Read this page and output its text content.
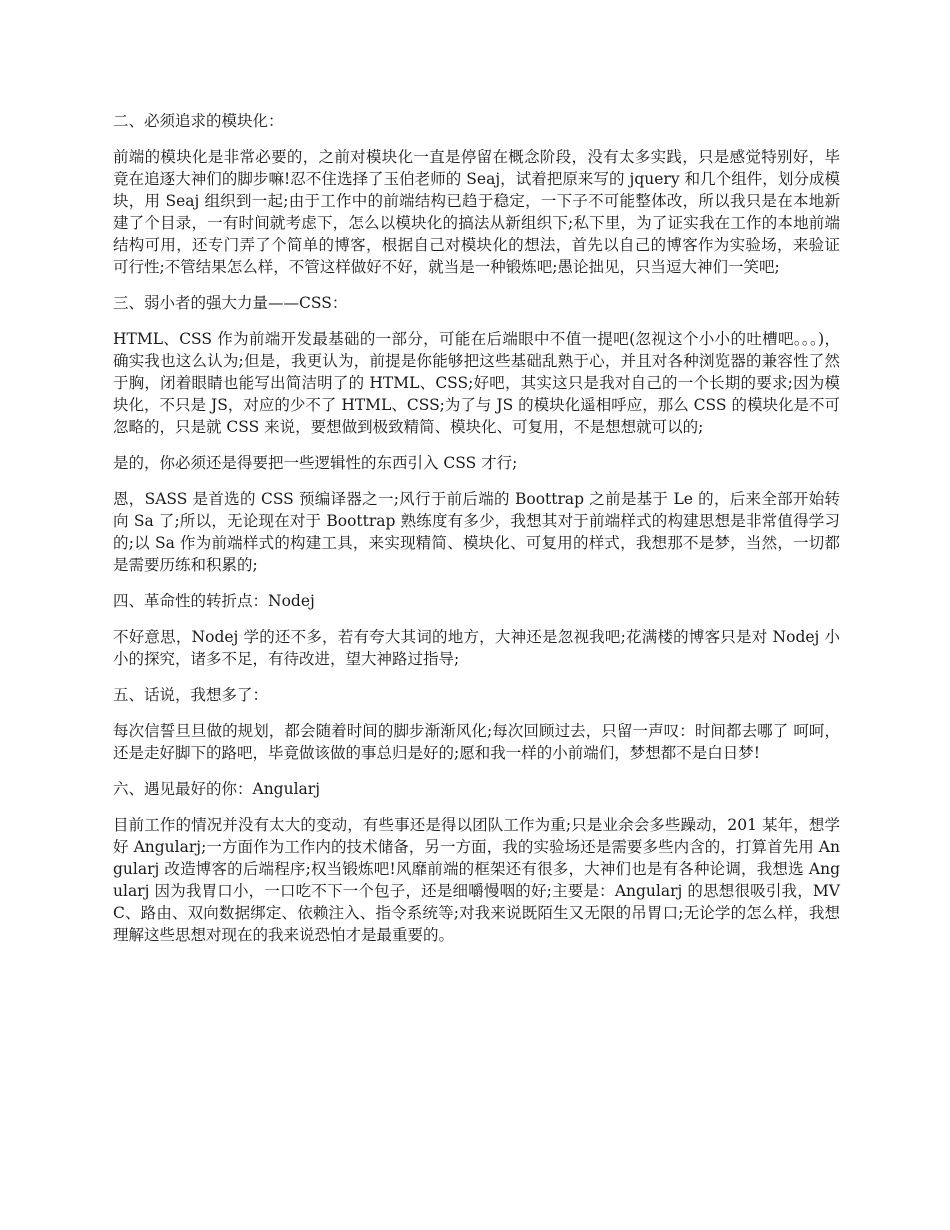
二、必须追求的模块化：
前端的模块化是非常必要的，之前对模块化一直是停留在概念阶段，没有太多实践，只是感觉特别好，毕竟在追逐大神们的脚步嘛!忍不住选择了玉伯老师的 Seaj，试着把原来写的 jquery 和几个组件，划分成模块，用 Seaj 组织到一起;由于工作中的前端结构已趋于稳定，一下子不可能整体改，所以我只是在本地新建了个目录，一有时间就考虑下，怎么以模块化的搞法从新组织下;私下里，为了证实我在工作的本地前端结构可用，还专门弄了个简单的博客，根据自己对模块化的想法，首先以自己的博客作为实验场，来验证可行性;不管结果怎么样，不管这样做好不好，就当是一种锻炼吧;愚论拙见，只当逗大神们一笑吧;
三、弱小者的强大力量——CSS：
HTML、CSS 作为前端开发最基础的一部分，可能在后端眼中不值一提吧(忽视这个小小的吐槽吧。。。)，确实我也这么认为;但是，我更认为，前提是你能够把这些基础乱熟于心，并且对各种浏览器的兼容性了然于胸，闭着眼睛也能写出简洁明了的 HTML、CSS;好吧，其实这只是我对自己的一个长期的要求;因为模块化，不只是 JS，对应的少不了 HTML、CSS;为了与 JS 的模块化遥相呼应，那么 CSS 的模块化是不可忽略的，只是就 CSS 来说，要想做到极致精简、模块化、可复用，不是想想就可以的;
是的，你必须还是得要把一些逻辑性的东西引入 CSS 才行;
恩，SASS 是首选的 CSS 预编译器之一;风行于前后端的 Boottrap 之前是基于 Le 的，后来全部开始转向 Sa 了;所以，无论现在对于 Boottrap 熟练度有多少，我想其对于前端样式的构建思想是非常值得学习的;以 Sa 作为前端样式的构建工具，来实现精简、模块化、可复用的样式，我想那不是梦，当然，一切都是需要历练和积累的;
四、革命性的转折点：Nodej
不好意思，Nodej 学的还不多，若有夸大其词的地方，大神还是忽视我吧;花满楼的博客只是对 Nodej 小小的探究，诸多不足，有待改进，望大神路过指导;
五、话说，我想多了：
每次信誓旦旦做的规划，都会随着时间的脚步渐渐风化;每次回顾过去，只留一声叹：时间都去哪了 呵呵，还是走好脚下的路吧，毕竟做该做的事总归是好的;愿和我一样的小前端们，梦想都不是白日梦!
六、遇见最好的你：Angularj
目前工作的情况并没有太大的变动，有些事还是得以团队工作为重;只是业余会多些躁动，201 某年，想学好 Angularj;一方面作为工作内的技术储备，另一方面，我的实验场还是需要多些内含的，打算首先用 Angularj 改造博客的后端程序;权当锻炼吧!风靡前端的框架还有很多，大神们也是有各种论调，我想选 Angularj 因为我胃口小，一口吃不下一个包子，还是细嚼慢咽的好;主要是：Angularj 的思想很吸引我，MVC、路由、双向数据绑定、依赖注入、指令系统等;对我来说既陌生又无限的吊胃口;无论学的怎么样，我想理解这些思想对现在的我来说恐怕才是最重要的。
